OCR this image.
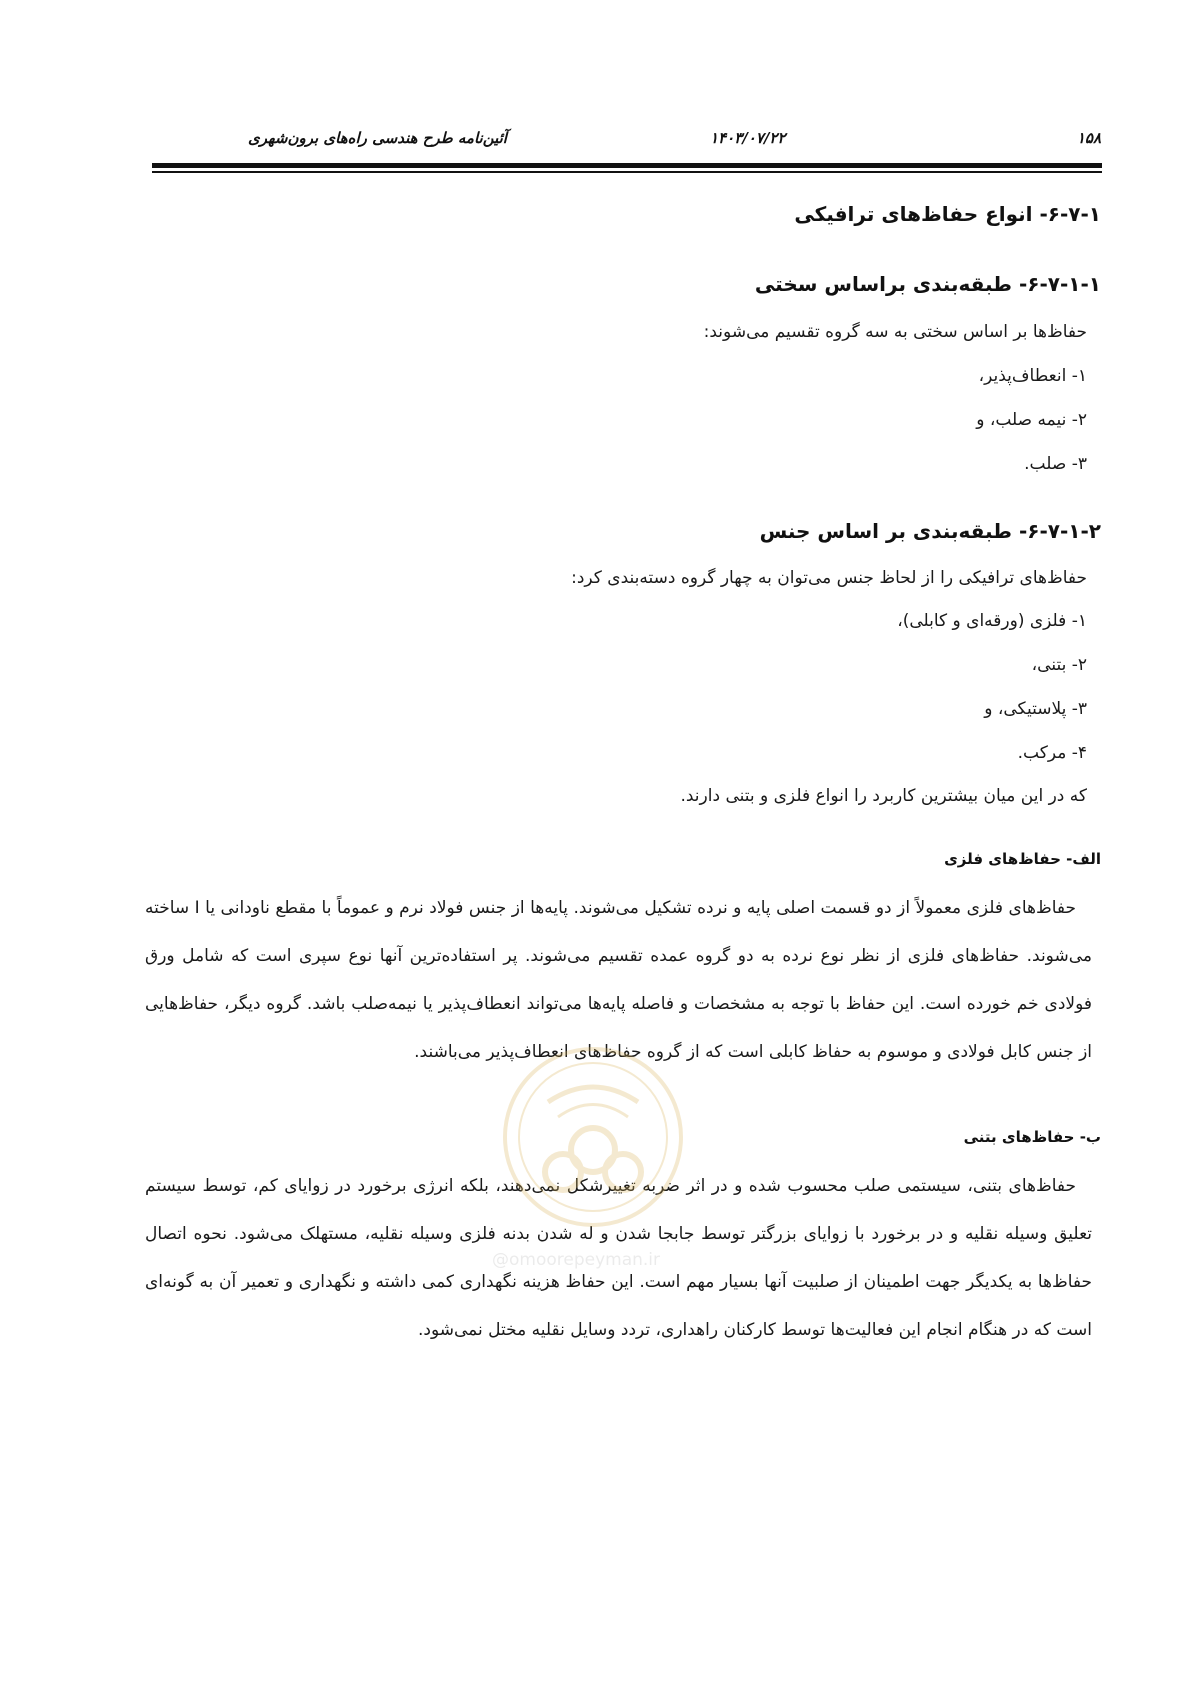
۱۵۸
۱۴۰۳/۰۷/۲۲
آئین‌نامه طرح هندسی راه‌های برون‌شهری
۶-۷-۱- انواع حفاظ‌های ترافیکی
۶-۷-۱-۱- طبقه‌بندی براساس سختی
حفاظ‌ها بر اساس سختی به سه گروه تقسیم می‌شوند:
۱- انعطاف‌پذیر،
۲- نیمه صلب، و
۳- صلب.
۶-۷-۱-۲- طبقه‌بندی بر اساس جنس
حفاظ‌های ترافیکی را از لحاظ جنس می‌توان به چهار گروه دسته‌بندی کرد:
۱- فلزی (ورقه‌ای و کابلی)،
۲- بتنی،
۳- پلاستیکی، و
۴- مرکب.
که در این میان بیشترین کاربرد را انواع فلزی و بتنی دارند.
الف- حفاظ‌های فلزی

حفاظ‌های فلزی معمولاً از دو قسمت اصلی پایه و نرده تشکیل می‌شوند. پایه‌ها از جنس فولاد نرم و عموماً با مقطع ناودانی یا I ساخته می‌شوند. حفاظ‌های فلزی از نظر نوع نرده به دو گروه عمده تقسیم می‌شوند. پر استفاده‌ترین آنها نوع سپری است که شامل ورق فولادی خم خورده است. این حفاظ با توجه به مشخصات و فاصله پایه‌ها می‌تواند انعطاف‌پذیر یا نیمه‌صلب باشد. گروه دیگر، حفاظ‌هایی از جنس کابل فولادی و موسوم به حفاظ کابلی است که از گروه حفاظ‌های انعطاف‌پذیر می‌باشند.

ب- حفاظ‌های بتنی

حفاظ‌های بتنی، سیستمی صلب محسوب شده و در اثر ضربه تغییرشکل نمی‌دهند، بلکه انرژی برخورد در زوایای کم، توسط سیستم تعلیق وسیله نقلیه و در برخورد با زوایای بزرگتر توسط جابجا شدن و له شدن بدنه فلزی وسیله نقلیه، مستهلک می‌شود. نحوه اتصال حفاظ‌ها به یکدیگر جهت اطمینان از صلبیت آنها بسیار مهم است. این حفاظ هزینه نگهداری کمی داشته و نگهداری و تعمیر آن به گونه‌ای است که در هنگام انجام این فعالیت‌ها توسط کارکنان راهداری، تردد وسایل نقلیه مختل نمی‌شود.

@omoorepeyman.ir
